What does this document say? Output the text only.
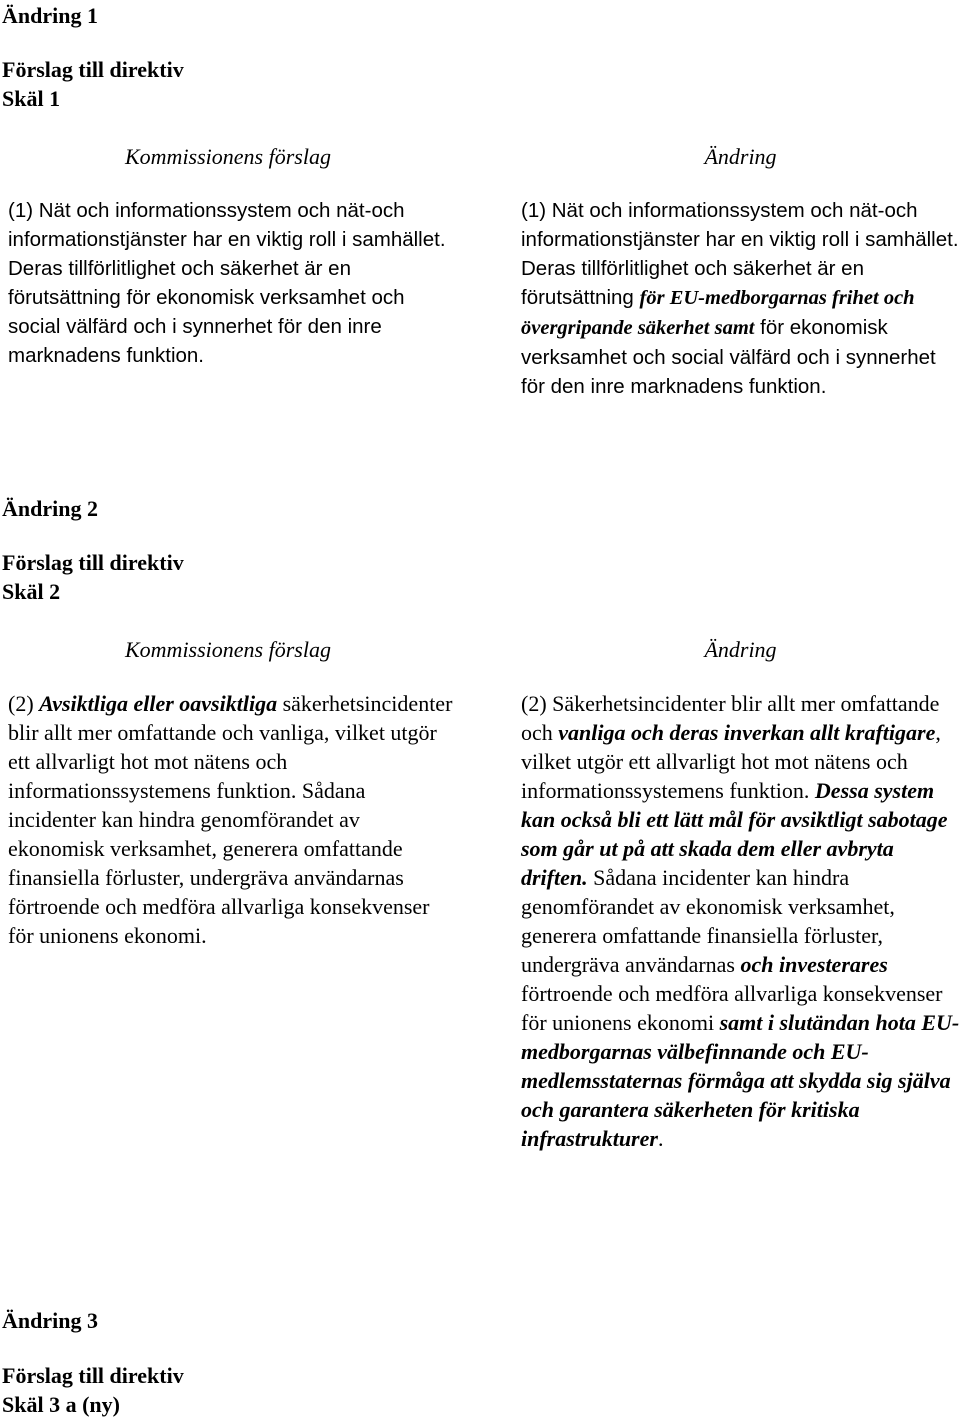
Ändring 1
Förslag till direktiv
Skäl 1
Kommissionens förslag	Ändring

(1) Nät och informationssystem och nät-och informationstjänster har en viktig roll i samhället. Deras tillförlitlighet och säkerhet är en förutsättning för ekonomisk verksamhet och social välfärd och i synnerhet för den inre marknadens funktion.

(1) Nät och informationssystem och nät-och informationstjänster har en viktig roll i samhället. Deras tillförlitlighet och säkerhet är en förutsättning för EU-medborgarnas frihet och övergripande säkerhet samt för ekonomisk verksamhet och social välfärd och i synnerhet för den inre marknadens funktion.

Ändring 2
Förslag till direktiv
Skäl 2
Kommissionens förslag	Ändring

(2) Avsiktliga eller oavsiktliga säkerhetsincidenter blir allt mer omfattande och vanliga, vilket utgör ett allvarligt hot mot nätens och informationssystemens funktion. Sådana incidenter kan hindra genomförandet av ekonomisk verksamhet, generera omfattande finansiella förluster, undergräva användarnas förtroende och medföra allvarliga konsekvenser för unionens ekonomi.

(2) Säkerhetsincidenter blir allt mer omfattande och vanliga och deras inverkan allt kraftigare, vilket utgör ett allvarligt hot mot nätens och informationssystemens funktion. Dessa system kan också bli ett lätt mål för avsiktligt sabotage som går ut på att skada dem eller avbryta driften. Sådana incidenter kan hindra genomförandet av ekonomisk verksamhet, generera omfattande finansiella förluster, undergräva användarnas och investerares förtroende och medföra allvarliga konsekvenser för unionens ekonomi samt i slutändan hota EU-medborgarnas välbefinnande och EU-medlemsstaternas förmåga att skydda sig själva och garantera säkerheten för kritiska infrastrukturer.

Ändring 3
Förslag till direktiv
Skäl 3 a (ny)
